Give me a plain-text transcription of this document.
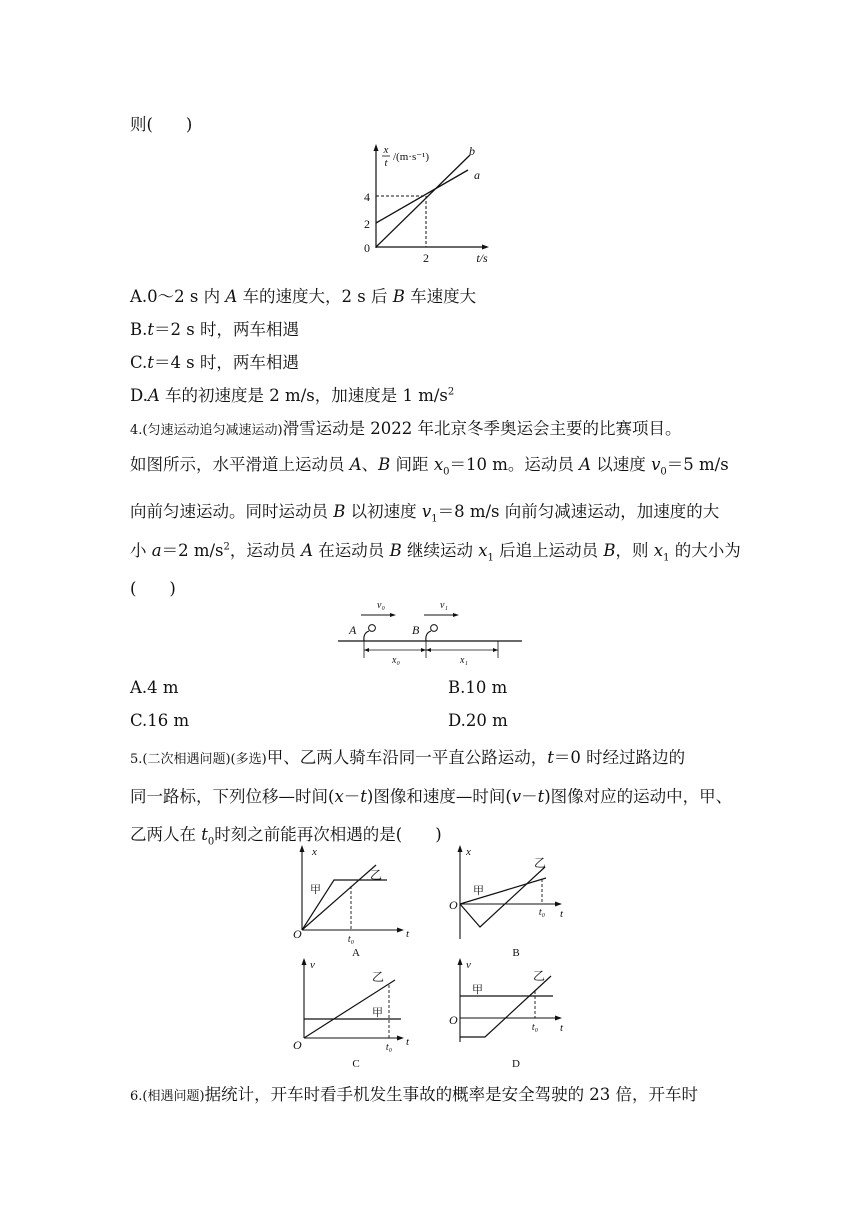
则(　　)
x
t /(m·s⁻¹)
4
2
0
2	t/s
b
a
A.0～2 s 内 A 车的速度大，2 s 后 B 车速度大
B.t＝2 s 时，两车相遇
C.t＝4 s 时，两车相遇
D.A 车的初速度是 2 m/s，加速度是 1 $m/s^2$
4.(匀速运动追匀减速运动)滑雪运动是 2022 年北京冬季奥运会主要的比赛项目。
如图所示，水平滑道上运动员 A、B 间距 $x_0=10$ m。运动员 A 以速度 $v_0=5$ m/s
向前匀速运动。同时运动员 B 以初速度 $v_1=8$ m/s 向前匀减速运动，加速度的大
小 a＝2 $m/s^2$，运动员 A 在运动员 B 继续运动 $x_1$ 后追上运动员 B，则 $x_1$ 的大小为
(　　)
v₀	v₁
A	B
x₀	x₁
A.4 m	B.10 m
C.16 m	D.20 m
5.(二次相遇问题)(多选)甲、乙两人骑车沿同一平直公路运动，t＝0 时经过路边的
同一路标，下列位移—时间(x－t)图像和速度—时间(v－t)图像对应的运动中，甲、
乙两人在 $t_0$时刻之前能再次相遇的是(　　)
x
t
O	t₀
甲
乙
A
x
t
O
t₀
甲
乙
B
v
t
O	t₀
甲
乙
C
v
t
O
t₀
甲
乙
D
6.(相遇问题)据统计，开车时看手机发生事故的概率是安全驾驶的 23 倍，开车时
